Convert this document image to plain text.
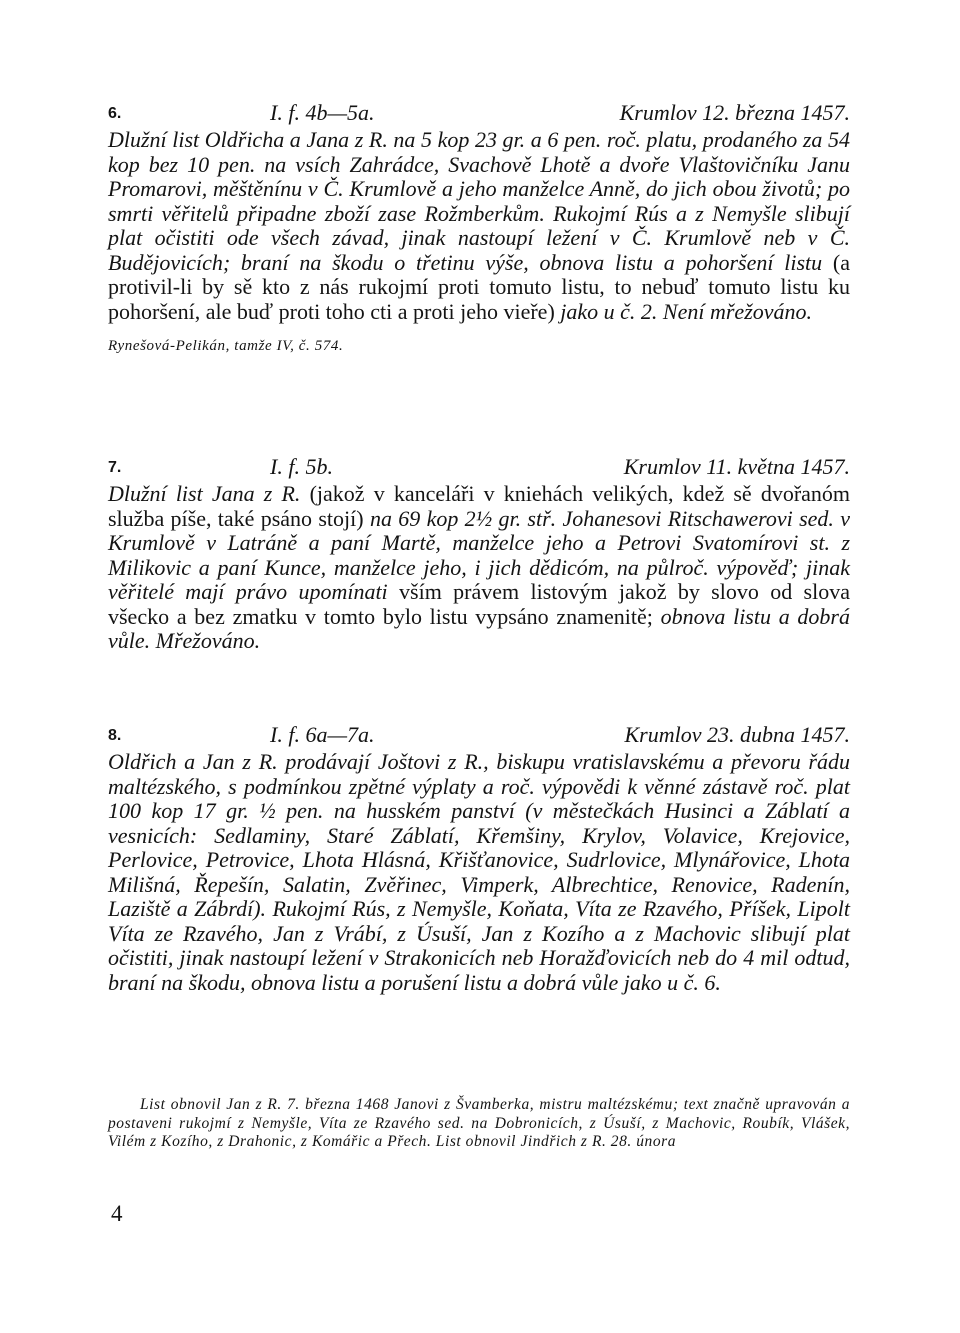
6.	I. f. 4b—5a.	Krumlov 12. března 1457.

Dlužní list Oldřicha a Jana z R. na 5 kop 23 gr. a 6 pen. roč. platu, prodaného za 54 kop bez 10 pen. na vsích Zahrádce, Svachově Lhotě a dvoře Vlaštovičníku Janu Promarovi, měštěnínu v Č. Krumlově a jeho manželce Anně, do jich obou životů; po smrti věřitelů připadne zboží zase Rožmberkům. Rukojmí Rús a z Nemyšle slibují plat očistiti ode všech závad, jinak nastoupí ležení v Č. Krumlově neb v Č. Budějovicích; braní na škodu o třetinu výše, obnova listu a pohoršení listu (a protivil-li by sě kto z nás rukojmí proti tomuto listu, to nebuď tomuto listu ku pohoršení, ale buď proti toho cti a proti jeho vieře) jako u č. 2. Není mřežováno.

Rynešová-Pelikán, tamže IV, č. 574.

7.	I. f. 5b.	Krumlov 11. května 1457.

Dlužní list Jana z R. (jakož v kanceláři v kniehách velikých, kdež sě dvořanóm služba píše, také psáno stojí) na 69 kop 2½ gr. stř. Johanesovi Ritschawerovi sed. v Krumlově v Latráně a paní Martě, manželce jeho a Petrovi Svatomírovi st. z Milikovic a paní Kunce, manželce jeho, i jich dědicóm, na půlroč. výpověď; jinak věřitelé mají právo upomínati vším právem listovým jakož by slovo od slova všecko a bez zmatku v tomto bylo listu vypsáno znamenitě; obnova listu a dobrá vůle. Mřežováno.

8.	I. f. 6a—7a.	Krumlov 23. dubna 1457.

Oldřich a Jan z R. prodávají Joštovi z R., biskupu vratislavskému a převoru řádu maltézského, s podmínkou zpětné výplaty a roč. výpovědi k věnné zástavě roč. plat 100 kop 17 gr. ½ pen. na husském panství (v městečkách Husinci a Záblatí a vesnicích: Sedlaminy, Staré Záblatí, Křemšiny, Krylov, Volavice, Krejovice, Perlovice, Petrovice, Lhota Hlásná, Křišťanovice, Sudrlovice, Mlynářovice, Lhota Milišná, Řepešín, Salatin, Zvěřinec, Vimperk, Albrechtice, Renovice, Radenín, Laziště a Zábrdí). Rukojmí Rús, z Nemyšle, Koňata, Víta ze Rzavého, Příšek, Lipolt Víta ze Rzavého, Jan z Vrábí, z Úsuší, Jan z Kozího a z Machovic slibují plat očistiti, jinak nastoupí ležení v Strakonicích neb Horažďovicích neb do 4 mil odtud, braní na škodu, obnova listu a porušení listu a dobrá vůle jako u č. 6.

List obnovil Jan z R. 7. března 1468 Janovi z Švamberka, mistru maltézskému; text značně upravován a postaveni rukojmí z Nemyšle, Víta ze Rzavého sed. na Dobronicích, z Úsuší, z Machovic, Roubík, Vlášek, Vilém z Kozího, z Drahonic, z Komářic a Přech. List obnovil Jindřich z R. 28. února

4
